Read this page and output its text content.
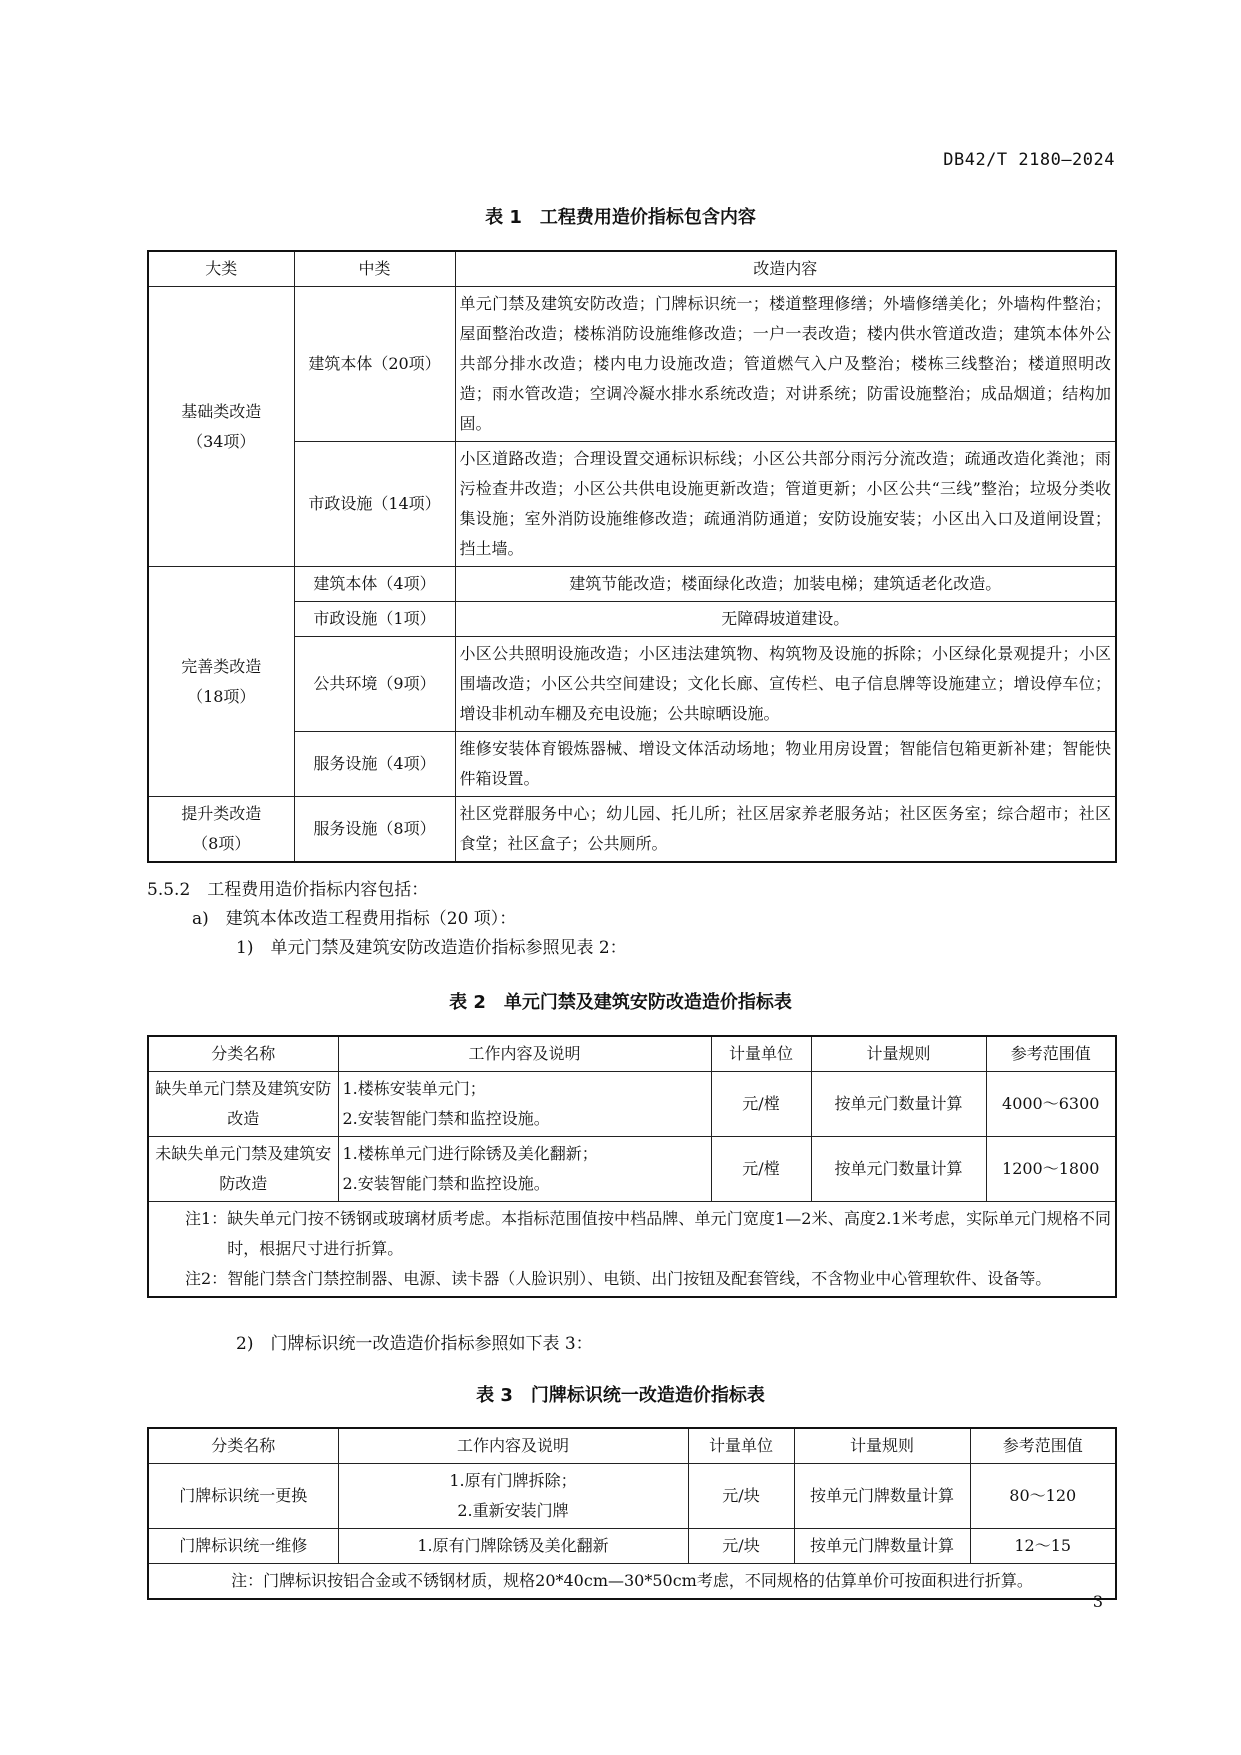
DB42/T 2180—2024
表 1　工程费用造价指标包含内容
大类	中类	改造内容

基础类改造
（34项）	建筑本体（20项）	单元门禁及建筑安防改造；门牌标识统一；楼道整理修缮；外墙修缮美化；外墙构件整治；屋面整治改造；楼栋消防设施维修改造；一户一表改造；楼内供水管道改造；建筑本体外公共部分排水改造；楼内电力设施改造；管道燃气入户及整治；楼栋三线整治；楼道照明改造；雨水管改造；空调冷凝水排水系统改造；对讲系统；防雷设施整治；成品烟道；结构加固。
	市政设施（14项）	小区道路改造；合理设置交通标识标线；小区公共部分雨污分流改造；疏通改造化粪池；雨污检查井改造；小区公共供电设施更新改造；管道更新；小区公共“三线”整治；垃圾分类收集设施；室外消防设施维修改造；疏通消防通道；安防设施安装；小区出入口及道闸设置；挡土墙。

完善类改造
（18项）	建筑本体（4项）	建筑节能改造；楼面绿化改造；加装电梯；建筑适老化改造。
	市政设施（1项）	无障碍坡道建设。
	公共环境（9项）	小区公共照明设施改造；小区违法建筑物、构筑物及设施的拆除；小区绿化景观提升；小区围墙改造；小区公共空间建设；文化长廊、宣传栏、电子信息牌等设施建立；增设停车位；增设非机动车棚及充电设施；公共晾晒设施。
	服务设施（4项）	维修安装体育锻炼器械、增设文体活动场地；物业用房设置；智能信包箱更新补建；智能快件箱设置。

提升类改造
（8项）	服务设施（8项）	社区党群服务中心；幼儿园、托儿所；社区居家养老服务站；社区医务室；综合超市；社区食堂；社区盒子；公共厕所。
5.5.2　工程费用造价指标内容包括：
a)　建筑本体改造工程费用指标（20 项）：
1)　单元门禁及建筑安防改造造价指标参照见表 2：
表 2　单元门禁及建筑安防改造造价指标表
分类名称	工作内容及说明	计量单位	计量规则	参考范围值
缺失单元门禁及建筑安防改造	1.楼栋安装单元门；
2.安装智能门禁和监控设施。	元/樘	按单元门数量计算	4000～6300
未缺失单元门禁及建筑安防改造	1.楼栋单元门进行除锈及美化翻新；
2.安装智能门禁和监控设施。	元/樘	按单元门数量计算	1200～1800

注1： 缺失单元门按不锈钢或玻璃材质考虑。本指标范围值按中档品牌、单元门宽度1—2米、高度2.1米考虑，实际单元门规格不同时，根据尺寸进行折算。
注2： 智能门禁含门禁控制器、电源、读卡器（人脸识别）、电锁、出门按钮及配套管线，不含物业中心管理软件、设备等。				
2)　门牌标识统一改造造价指标参照如下表 3：
表 3　门牌标识统一改造造价指标表
分类名称	工作内容及说明	计量单位	计量规则	参考范围值
门牌标识统一更换	1.原有门牌拆除；
2.重新安装门牌	元/块	按单元门牌数量计算	80～120
门牌标识统一维修	1.原有门牌除锈及美化翻新	元/块	按单元门牌数量计算	12～15
注：门牌标识按铝合金或不锈钢材质，规格20*40cm—30*50cm考虑，不同规格的估算单价可按面积进行折算。				
3
